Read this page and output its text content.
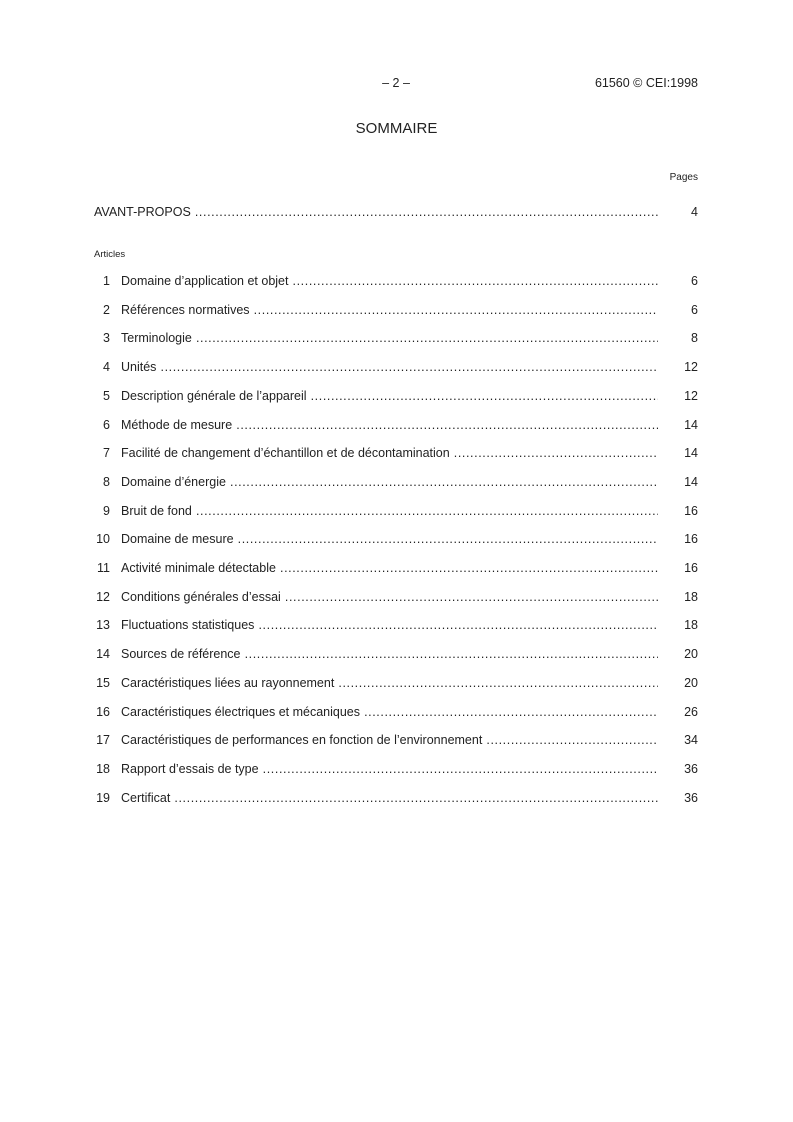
– 2 –	61560 © CEI:1998
SOMMAIRE
Pages
AVANT-PROPOS .....	4
Articles
1 Domaine d’application et objet .....	6
2 Références normatives .....	6
3 Terminologie .....	8
4 Unités .....	12
5 Description générale de l’appareil .....	12
6 Méthode de mesure .....	14
7 Facilité de changement d’échantillon et de décontamination .....	14
8 Domaine d’énergie .....	14
9 Bruit de fond .....	16
10 Domaine de mesure .....	16
11 Activité minimale détectable .....	16
12 Conditions générales d’essai .....	18
13 Fluctuations statistiques .....	18
14 Sources de référence .....	20
15 Caractéristiques liées au rayonnement .....	20
16 Caractéristiques électriques et mécaniques .....	26
17 Caractéristiques de performances en fonction de l’environnement .....	34
18 Rapport d’essais de type .....	36
19 Certificat .....	36
